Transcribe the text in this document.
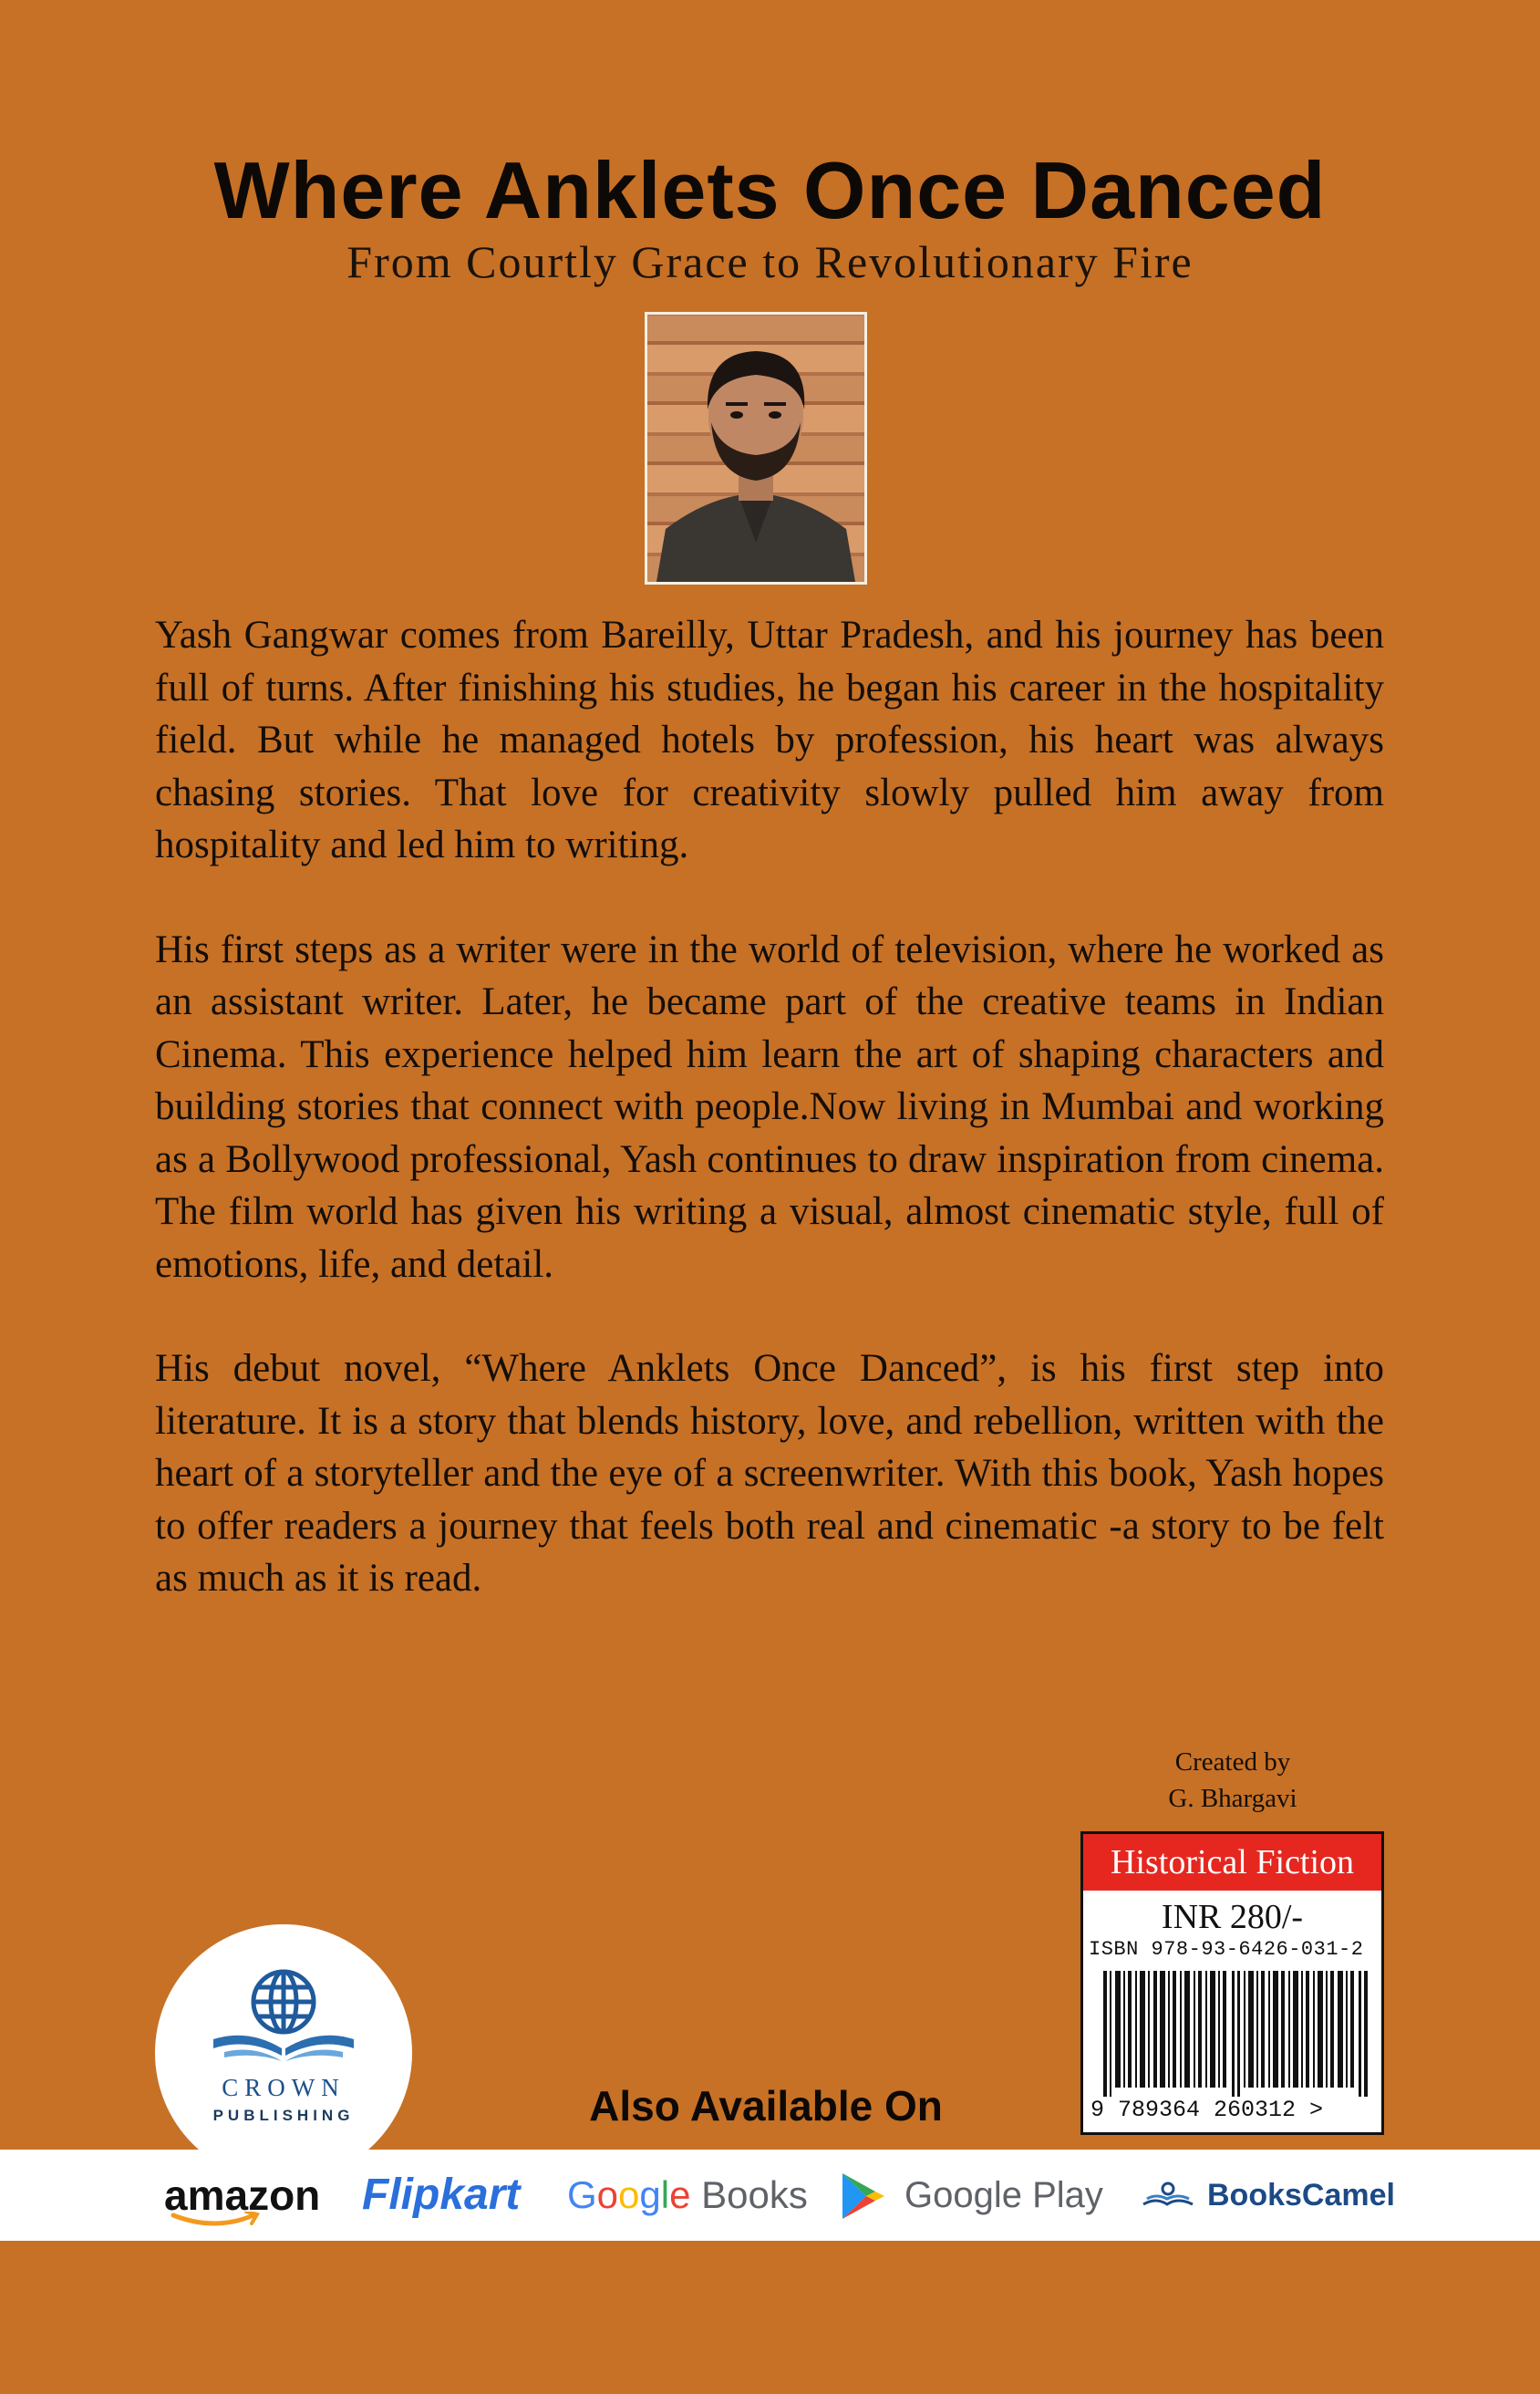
Where Anklets Once Danced
From Courtly Grace to Revolutionary Fire

Yash Gangwar comes from Bareilly, Uttar Pradesh, and his journey has been full of turns. After finishing his studies, he began his career in the hospitality field. But while he managed hotels by profession, his heart was always chasing stories. That love for creativity slowly pulled him away from hospitality and led him to writing.

His first steps as a writer were in the world of television, where he worked as an assistant writer. Later, he became part of the creative teams in Indian Cinema. This experience helped him learn the art of shaping characters and building stories that connect with people.Now living in Mumbai and working as a Bollywood professional, Yash continues to draw inspiration from cinema. The film world has given his writing a visual, almost cinematic style, full of emotions, life, and detail.

His debut novel, “Where Anklets Once Danced”, is his first step into literature. It is a story that blends history, love, and rebellion, written with the heart of a storyteller and the eye of a screenwriter. With this book, Yash hopes to offer readers a journey that feels both real and cinematic -a story to be felt as much as it is read.

Created by
G. Bhargavi
Historical Fiction
INR 280/-
ISBN 978-93-6426-031-2
9 789364 260312 >
CROWN
PUBLISHING	Also Available On
amazon Flipkart Google Books	Google Play	BooksCamel
